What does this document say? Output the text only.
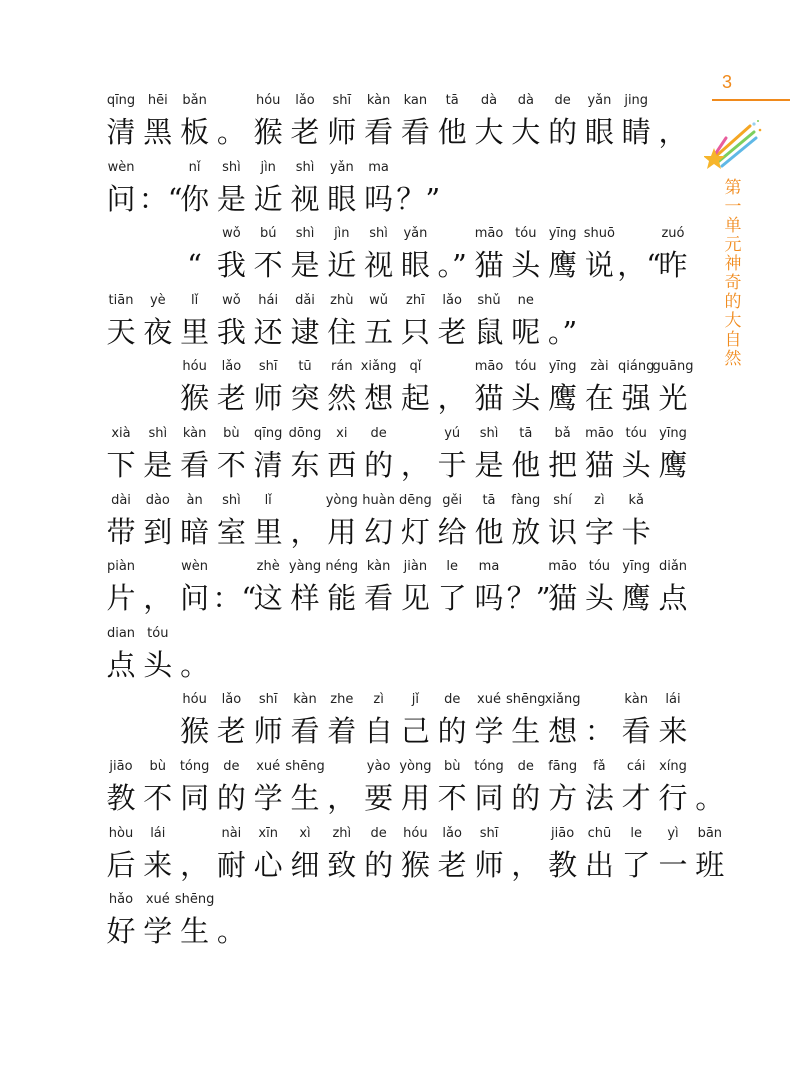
qīng
清
hēi
黑
bǎn
板 。
hóu
猴
lǎo
老
shī
师
kàn
看
kan
看
tā
他
dà
大
dà
大
de
的
yǎn
眼
jing
睛 ，
wèn
问 ：“
nǐ
你
shì
是
jìn
近
shì
视
yǎn
眼
ma
吗 ？”
“
wǒ
我
bú
不
shì
是
jìn
近
shì
视
yǎn
眼 。”
māo
猫
tóu
头
yīng
鹰
shuō
说 ，“
zuó
昨
tiān
天
yè
夜
lǐ
里
wǒ
我
hái
还
dǎi
逮
zhù
住
wǔ
五
zhī
只
lǎo
老
shǔ
鼠
ne
呢 。”
hóu
猴
lǎo
老
shī
师
tū
突
rán
然
xiǎng
想
qǐ
起 ，
māo
猫
tóu
头
yīng
鹰
zài
在
qiáng
强
guāng
光
xià
下
shì
是
kàn
看
bù
不
qīng
清
dōng
东
xi
西
de
的 ，
yú
于
shì
是
tā
他
bǎ
把
māo
猫
tóu
头
yīng
鹰
dài
带
dào
到
àn
暗
shì
室
lǐ
里 ，
yòng
用
huàn
幻
dēng
灯
gěi
给
tā
他
fàng
放
shí
识
zì
字
kǎ
卡
piàn
片 ，
wèn
问 ：“
zhè
这
yàng
样
néng
能
kàn
看
jiàn
见
le
了
ma
吗 ？”
māo
猫
tóu
头
yīng
鹰
diǎn
点
dian
点
tóu
头 。
hóu
猴
lǎo
老
shī
师
kàn
看
zhe
着
zì
自
jǐ
己
de
的
xué
学
shēng
生
xiǎng
想 ：
kàn
看
lái
来
jiāo
教
bù
不
tóng
同
de
的
xué
学
shēng
生 ，
yào
要
yòng
用
bù
不
tóng
同
de
的
fāng
方
fǎ
法
cái
才
xíng
行 。
hòu
后
lái
来 ，
nài
耐
xīn
心
xì
细
zhì
致
de
的
hóu
猴
lǎo
老
shī
师 ，
jiāo
教
chū
出
le
了
yì
一
bān
班
hǎo
好
xué
学
shēng
生 。
3
第一单元 神奇的大自然
